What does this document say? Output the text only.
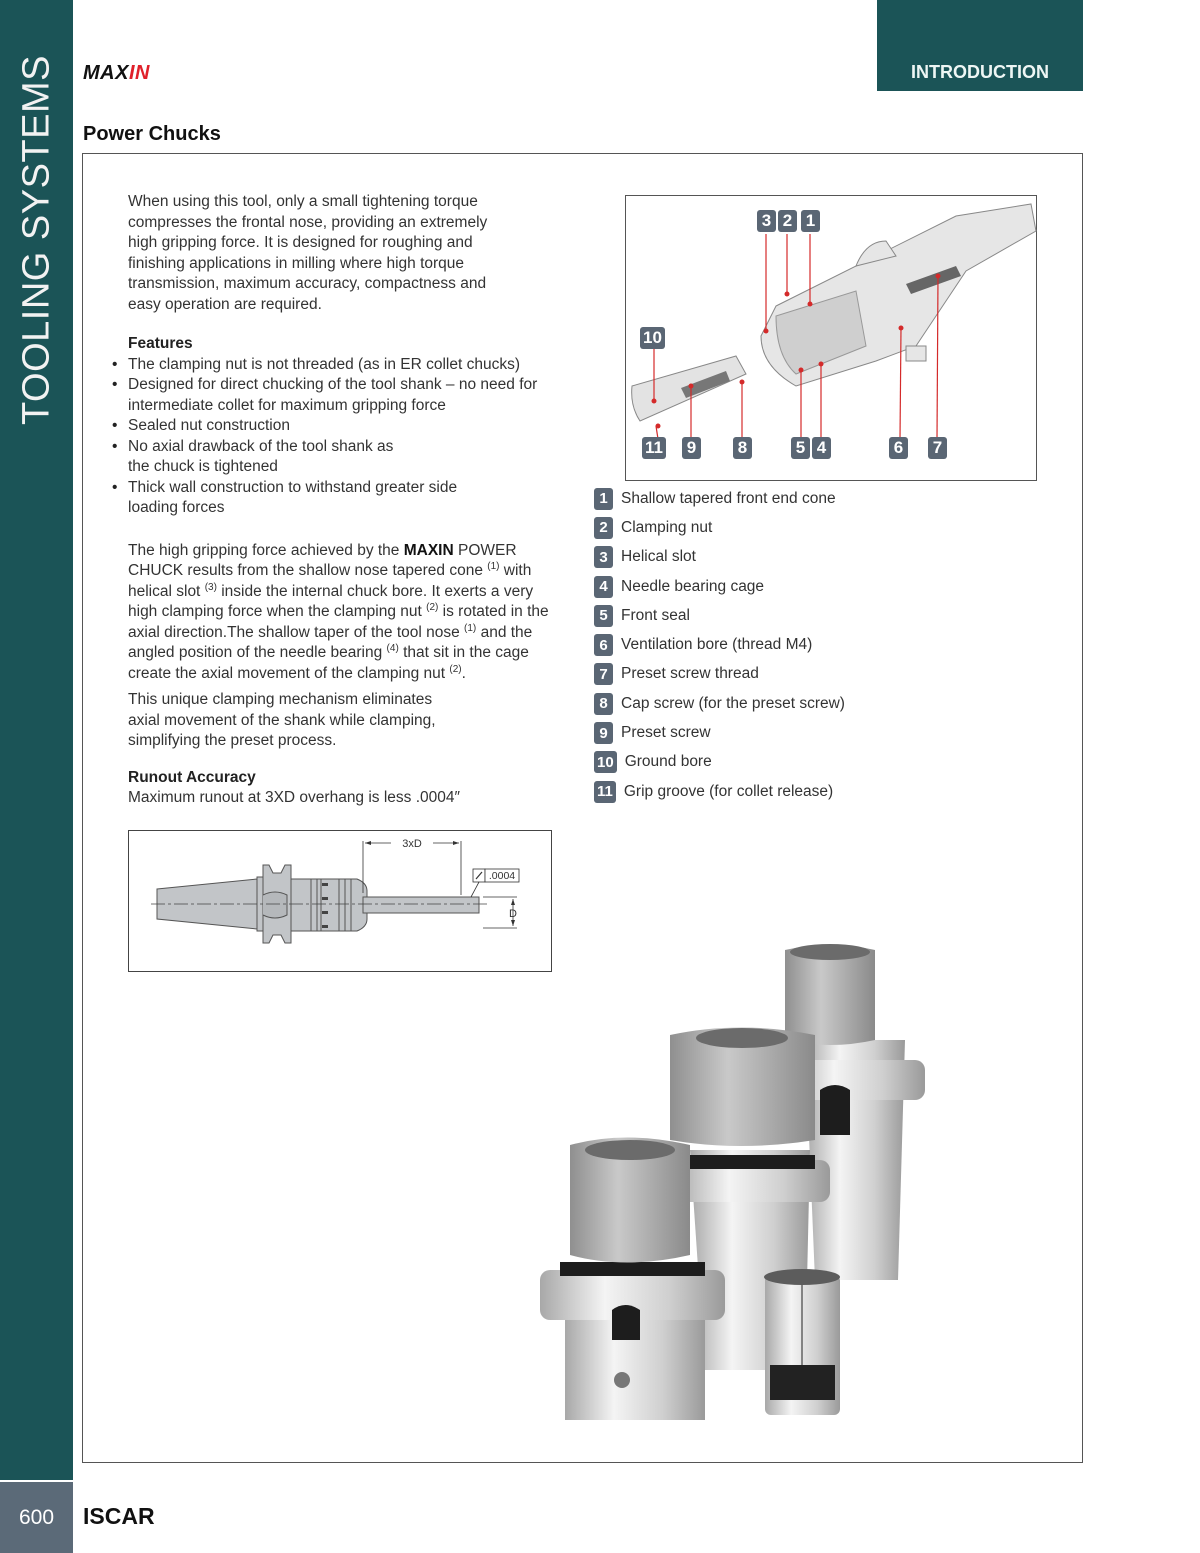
TOOLING SYSTEMS
600
INTRODUCTION
MAXIN
Power Chucks

When using this tool, only a small tightening torque compresses the frontal nose, providing an extremely high gripping force. It is designed for roughing and finishing applications in milling where high torque transmission, maximum accuracy, compactness and easy operation are required.

Features
• The clamping nut is not threaded (as in ER collet chucks)
• Designed for direct chucking of the tool shank – no need for intermediate collet for maximum gripping force
• Sealed nut construction
• No axial drawback of the tool shank as the chuck is tightened
• Thick wall construction to withstand greater side loading forces

The high gripping force achieved by the MAXIN POWER CHUCK results from the shallow nose tapered cone $^{(1)}$ with helical slot $^{(3)}$ inside the internal chuck bore. It exerts a very high clamping force when the clamping nut $^{(2)}$ is rotated in the axial direction.The shallow taper of the tool nose $^{(1)}$ and the angled position of the needle bearing $^{(4)}$ that sit in the cage create the axial movement of the clamping nut $^{(2)}$.

This unique clamping mechanism eliminates axial movement of the shank while clamping, simplifying the preset process.

Runout Accuracy

Maximum runout at 3XD overhang is less .0004″

3xD
.0004
D
3 2 1
10
11 9 8	5 4	6 7
1 Shallow tapered front end cone
2 Clamping nut
3 Helical slot
4 Needle bearing cage
5 Front seal
6 Ventilation bore (thread M4)
7 Preset screw thread
8 Cap screw (for the preset screw)
9 Preset screw
10 Ground bore
11 Grip groove (for collet release)
ISCAR
